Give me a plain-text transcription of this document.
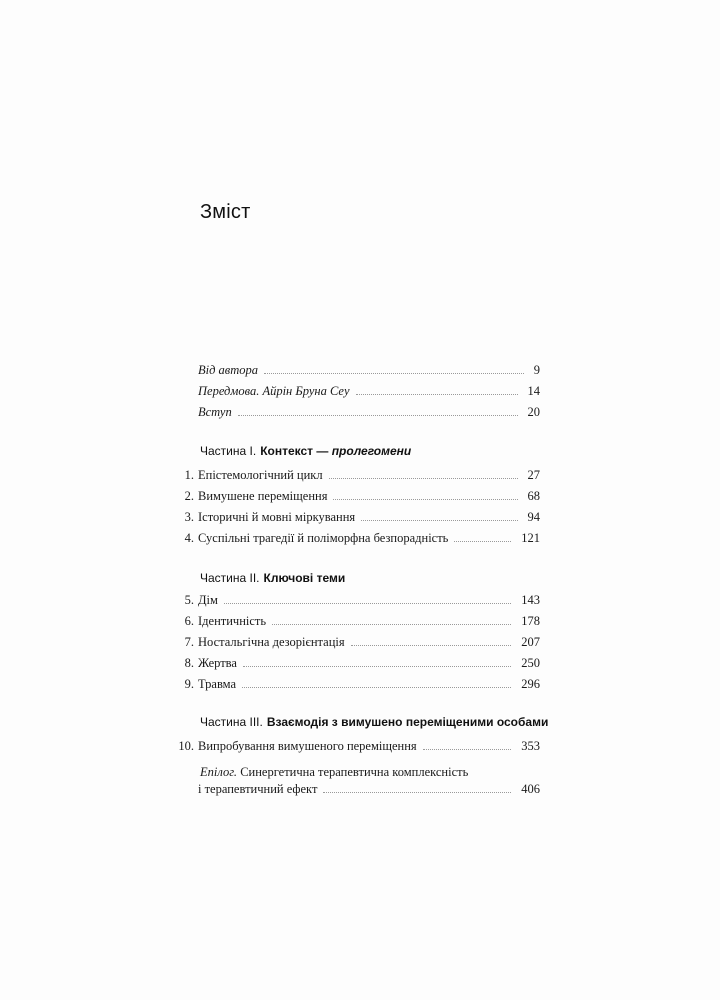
Зміст
Від автора	9
Передмова. Айрін Бруна Сеу	14
Вступ	20
Частина І. Контекст — пролегомени
1. Епістемологічний цикл	27
2. Вимушене переміщення	68
3. Історичні й мовні міркування	94
4. Суспільні трагедії й поліморфна безпорадність	121
Частина ІІ. Ключові теми
5. Дім	143
6. Ідентичність	178
7. Ностальгічна дезорієнтація	207
8. Жертва	250
9. Травма	296
Частина ІІІ. Взаємодія з вимушено переміщеними особами
10. Випробування вимушеного переміщення	353
Епілог. Синергетична терапевтична комплексність
і терапевтичний ефект	406
